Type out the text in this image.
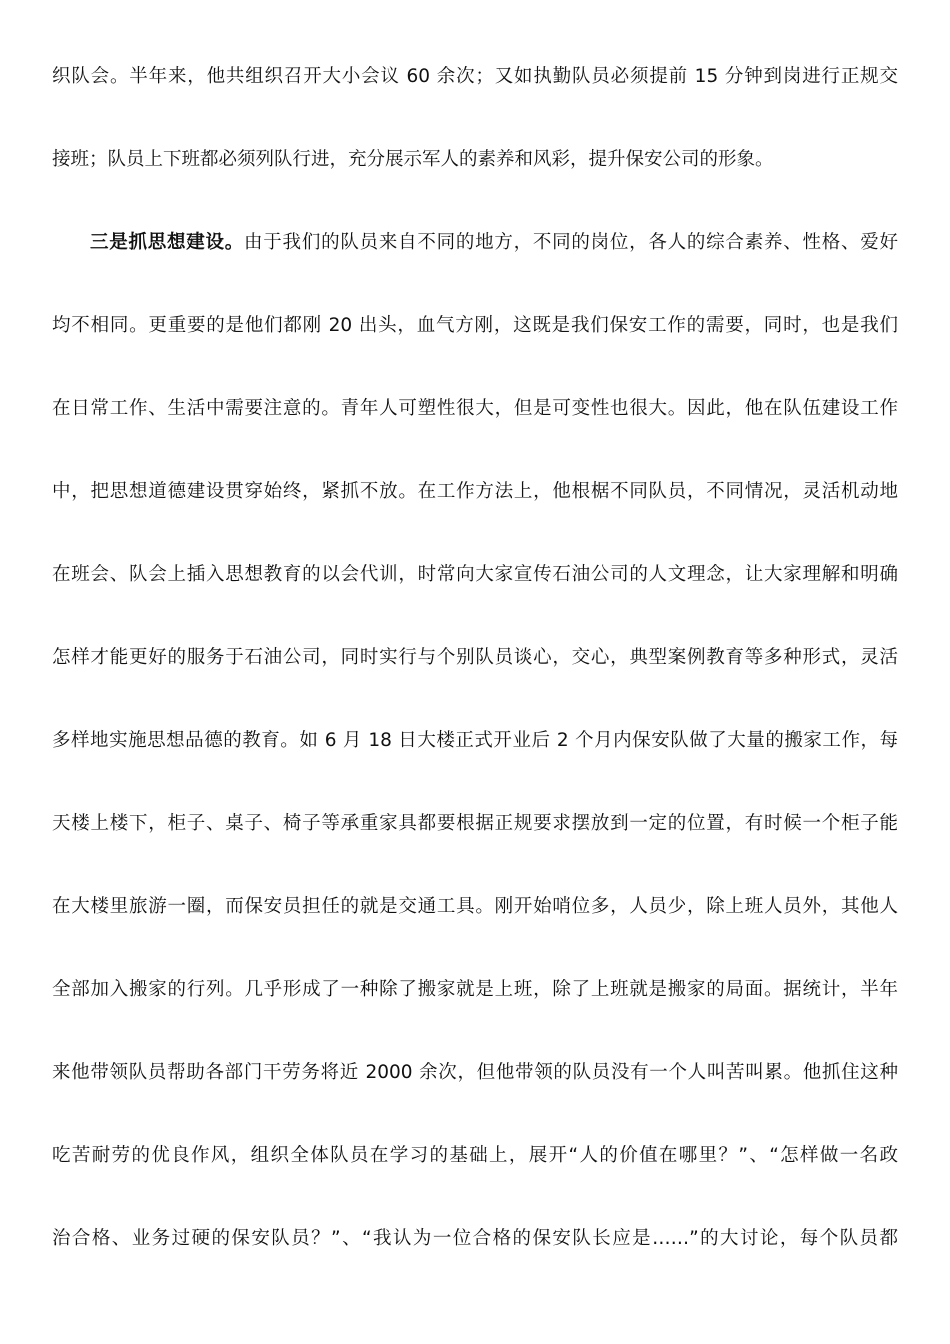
织队会。半年来，他共组织召开大小会议 60 余次；又如执勤队员必须提前 15 分钟到岗进行正规交
接班；队员上下班都必须列队行进，充分展示军人的素养和风彩，提升保安公司的形象。
三是抓思想建设。由于我们的队员来自不同的地方，不同的岗位，各人的综合素养、性格、爱好
均不相同。更重要的是他们都刚 20 出头，血气方刚，这既是我们保安工作的需要，同时，也是我们
在日常工作、生活中需要注意的。青年人可塑性很大，但是可变性也很大。因此，他在队伍建设工作
中，把思想道德建设贯穿始终，紧抓不放。在工作方法上，他根椐不同队员，不同情况，灵活机动地
在班会、队会上插入思想教育的以会代训，时常向大家宣传石油公司的人文理念，让大家理解和明确
怎样才能更好的服务于石油公司，同时实行与个别队员谈心，交心，典型案例教育等多种形式，灵活
多样地实施思想品德的教育。如 6 月 18 日大楼正式开业后 2 个月内保安队做了大量的搬家工作，每
天楼上楼下，柜子、桌子、椅子等承重家具都要根据正规要求摆放到一定的位置，有时候一个柜子能
在大楼里旅游一圈，而保安员担任的就是交通工具。刚开始哨位多，人员少，除上班人员外，其他人
全部加入搬家的行列。几乎形成了一种除了搬家就是上班，除了上班就是搬家的局面。据统计，半年
来他带领队员帮助各部门干劳务将近 2000 余次，但他带领的队员没有一个人叫苦叫累。他抓住这种
吃苦耐劳的优良作风，组织全体队员在学习的基础上，展开“人的价值在哪里？”、“怎样做一名政
治合格、业务过硬的保安队员？”、“我认为一位合格的保安队长应是……”的大讨论，每个队员都
